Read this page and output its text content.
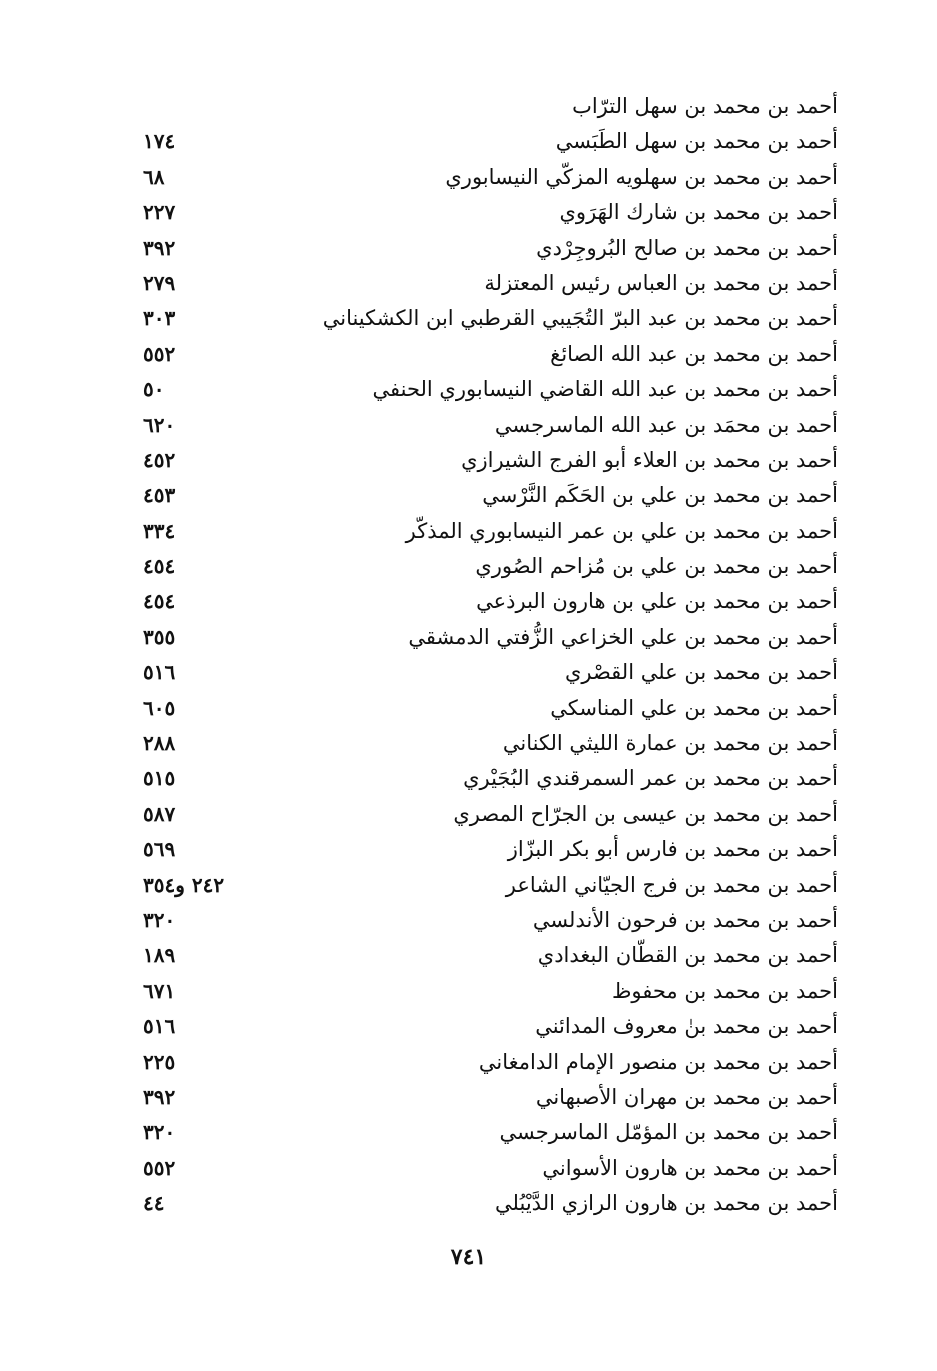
أحمد بن محمد بن سهل الترّاب
أحمد بن محمد بن سهل الطَبَسي
١٧٤
أحمد بن محمد بن سهلويه المزكّي النيسابوري
٦٨
أحمد بن محمد بن شارك الهَرَوي
٢٢٧
أحمد بن محمد بن صالح البُروجِرْدي
٣٩٢
أحمد بن محمد بن العباس رئيس المعتزلة
٢٧٩
أحمد بن محمد بن عبد البرّ التُجَيبي القرطبي ابن الكشكيناني
٣٠٣
أحمد بن محمد بن عبد الله الصائغ
٥٥٢
أحمد بن محمد بن عبد الله القاضي النيسابوري الحنفي
٥٠
أحمد بن محمَد بن عبد الله الماسرجسي
٦٢٠
أحمد بن محمد بن العلاء أبو الفرج الشيرازي
٤٥٢
أحمد بن محمد بن علي بن الحَكَم النَّرْسي
٤٥٣
أحمد بن محمد بن علي بن عمر النيسابوري المذكّر
٣٣٤
أحمد بن محمد بن علي بن مُزاحم الصُوري
٤٥٤
أحمد بن محمد بن علي بن هارون البرذعي
٤٥٤
أحمد بن محمد بن علي الخزاعي الزُّفتي الدمشقي
٣٥٥
أحمد بن محمد بن علي القصْري
٥١٦
أحمد بن محمد بن علي المناسكي
٦٠٥
أحمد بن محمد بن عمارة الليثي الكناني
٢٨٨
أحمد بن محمد بن عمر السمرقندي البُجَيْري
٥١٥
أحمد بن محمد بن عيسى بن الجرّاح المصري
٥٨٧
أحمد بن محمد بن فارس أبو بكر البزّاز
٥٦٩
أحمد بن محمد بن فرج الجيّاني الشاعر
٢٤٢ و٣٥٤
أحمد بن محمد بن فرحون الأندلسي
٣٢٠
أحمد بن محمد بن القطّان البغدادي
١٨٩
أحمد بن محمد بن محفوظ
٦٧١
أحمد بن محمد بنٰ معروف المدائني
٥١٦
أحمد بن محمد بن منصور الإمام الدامغاني
٢٢٥
أحمد بن محمد بن مهران الأصبهاني
٣٩٢
أحمد بن محمد بن المؤمّل الماسرجسي
٣٢٠
أحمد بن محمد بن هارون الأسواني
٥٥٢
أحمد بن محمد بن هارون الرازي الدَّيْبُلي
٤٤
٧٤١
